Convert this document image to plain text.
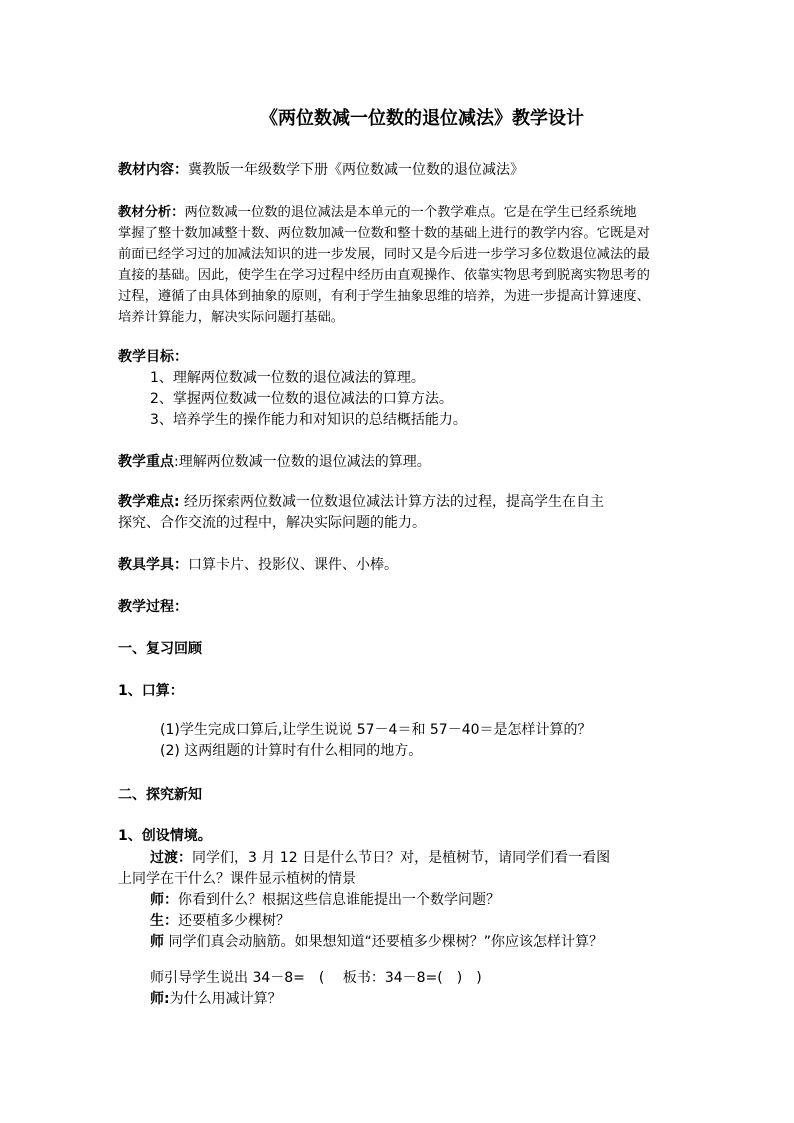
《两位数减一位数的退位减法》教学设计
教材内容：冀教版一年级数学下册《两位数减一位数的退位减法》

教材分析：两位数减一位数的退位减法是本单元的一个教学难点。它是在学生已经系统地

掌握了整十数加减整十数、两位数加减一位数和整十数的基础上进行的教学内容。它既是对

前面已经学习过的加减法知识的进一步发展，同时又是今后进一步学习多位数退位减法的最

直接的基础。因此，使学生在学习过程中经历由直观操作、依靠实物思考到脱离实物思考的

过程，遵循了由具体到抽象的原则，有利于学生抽象思维的培养，为进一步提高计算速度、

培养计算能力，解决实际问题打基础。

教学目标：

1、理解两位数减一位数的退位减法的算理。

2、掌握两位数减一位数的退位减法的口算方法。

3、培养学生的操作能力和对知识的总结概括能力。

教学重点:理解两位数减一位数的退位减法的算理。

教学难点: 经历探索两位数减一位数退位减法计算方法的过程，提高学生在自主

探究、合作交流的过程中，解决实际问题的能力。

教具学具：口算卡片、投影仪、课件、小棒。
教学过程：
一、复习回顾
1、口算：

(1)学生完成口算后,让学生说说 57－4＝和 57－40＝是怎样计算的？

(2) 这两组题的计算时有什么相同的地方。

二、探究新知
1、创设情境。

过渡：同学们，3 月 12 日是什么节日？对，是植树节，请同学们看一看图

上同学在干什么？课件显示植树的情景

师：你看到什么？根据这些信息谁能提出一个数学问题？

生：还要植多少棵树？

师 同学们真会动脑筋。如果想知道“还要植多少棵树？”你应该怎样计算？

师引导学生说出 34－8=　(　 板书：34－8=(　)　)

师:为什么用减计算？
